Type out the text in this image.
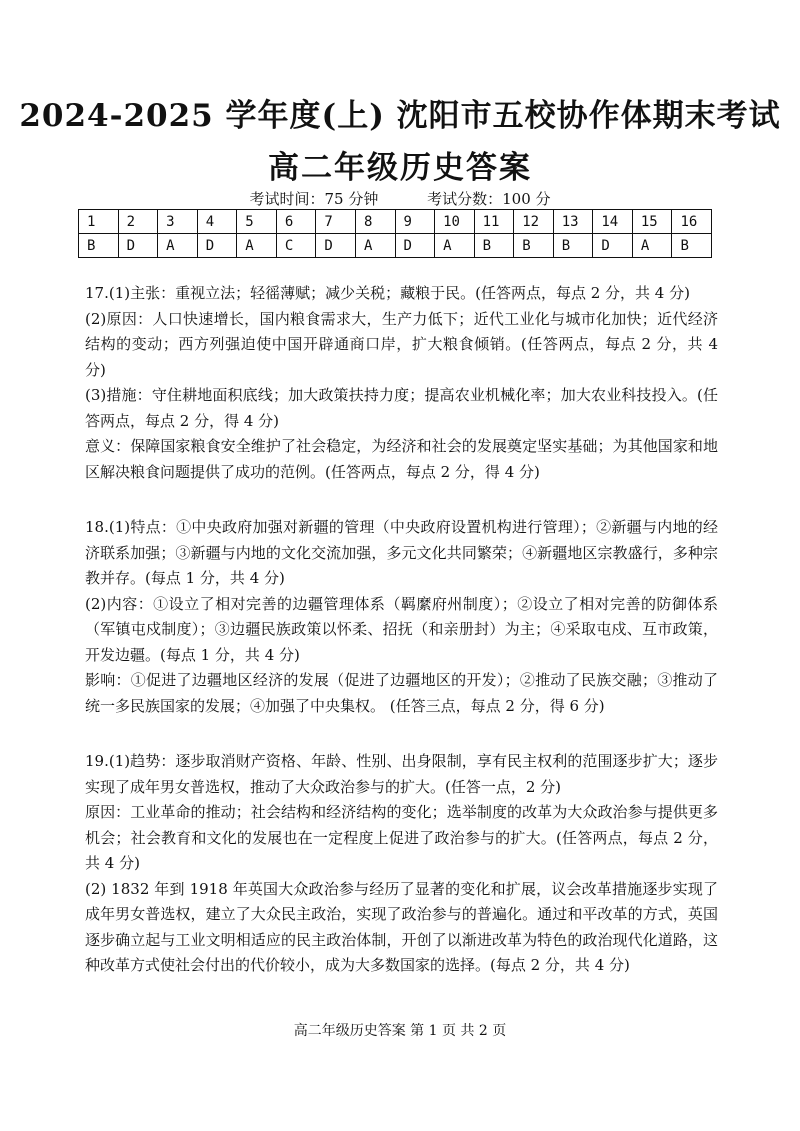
2024-2025 学年度(上) 沈阳市五校协作体期末考试
高二年级历史答案
考试时间：75 分钟	考试分数：100 分
1	2	3	4	5	6	7	8	9	10	11	12	13	14	15	16
B	D	A	D	A	C	D	A	D	A	B	B	B	D	A	B

17.(1)主张：重视立法；轻徭薄赋；减少关税；藏粮于民。(任答两点，每点 2 分，共 4 分)

(2)原因：人口快速增长，国内粮食需求大，生产力低下；近代工业化与城市化加快；近代经济结构的变动；西方列强迫使中国开辟通商口岸，扩大粮食倾销。(任答两点，每点 2 分，共 4 分)

(3)措施：守住耕地面积底线；加大政策扶持力度；提高农业机械化率；加大农业科技投入。(任答两点，每点 2 分，得 4 分)

意义：保障国家粮食安全维护了社会稳定，为经济和社会的发展奠定坚实基础；为其他国家和地区解决粮食问题提供了成功的范例。(任答两点，每点 2 分，得 4 分)

18.(1)特点：①中央政府加强对新疆的管理（中央政府设置机构进行管理）；②新疆与内地的经济联系加强；③新疆与内地的文化交流加强，多元文化共同繁荣；④新疆地区宗教盛行，多种宗教并存。(每点 1 分，共 4 分)

(2)内容：①设立了相对完善的边疆管理体系（羁縻府州制度）；②设立了相对完善的防御体系（军镇屯戍制度）；③边疆民族政策以怀柔、招抚（和亲册封）为主；④采取屯戍、互市政策，开发边疆。(每点 1 分，共 4 分)

影响：①促进了边疆地区经济的发展（促进了边疆地区的开发）；②推动了民族交融；③推动了统一多民族国家的发展；④加强了中央集权。 (任答三点，每点 2 分，得 6 分)

19.(1)趋势：逐步取消财产资格、年龄、性别、出身限制，享有民主权利的范围逐步扩大；逐步实现了成年男女普选权，推动了大众政治参与的扩大。(任答一点，2 分)

原因：工业革命的推动；社会结构和经济结构的变化；选举制度的改革为大众政治参与提供更多机会；社会教育和文化的发展也在一定程度上促进了政治参与的扩大。(任答两点，每点 2 分，共 4 分)

(2) 1832 年到 1918 年英国大众政治参与经历了显著的变化和扩展，议会改革措施逐步实现了成年男女普选权，建立了大众民主政治，实现了政治参与的普遍化。通过和平改革的方式，英国逐步确立起与工业文明相适应的民主政治体制，开创了以渐进改革为特色的政治现代化道路，这种改革方式使社会付出的代价较小，成为大多数国家的选择。(每点 2 分，共 4 分)

高二年级历史答案 第 1 页 共 2 页
